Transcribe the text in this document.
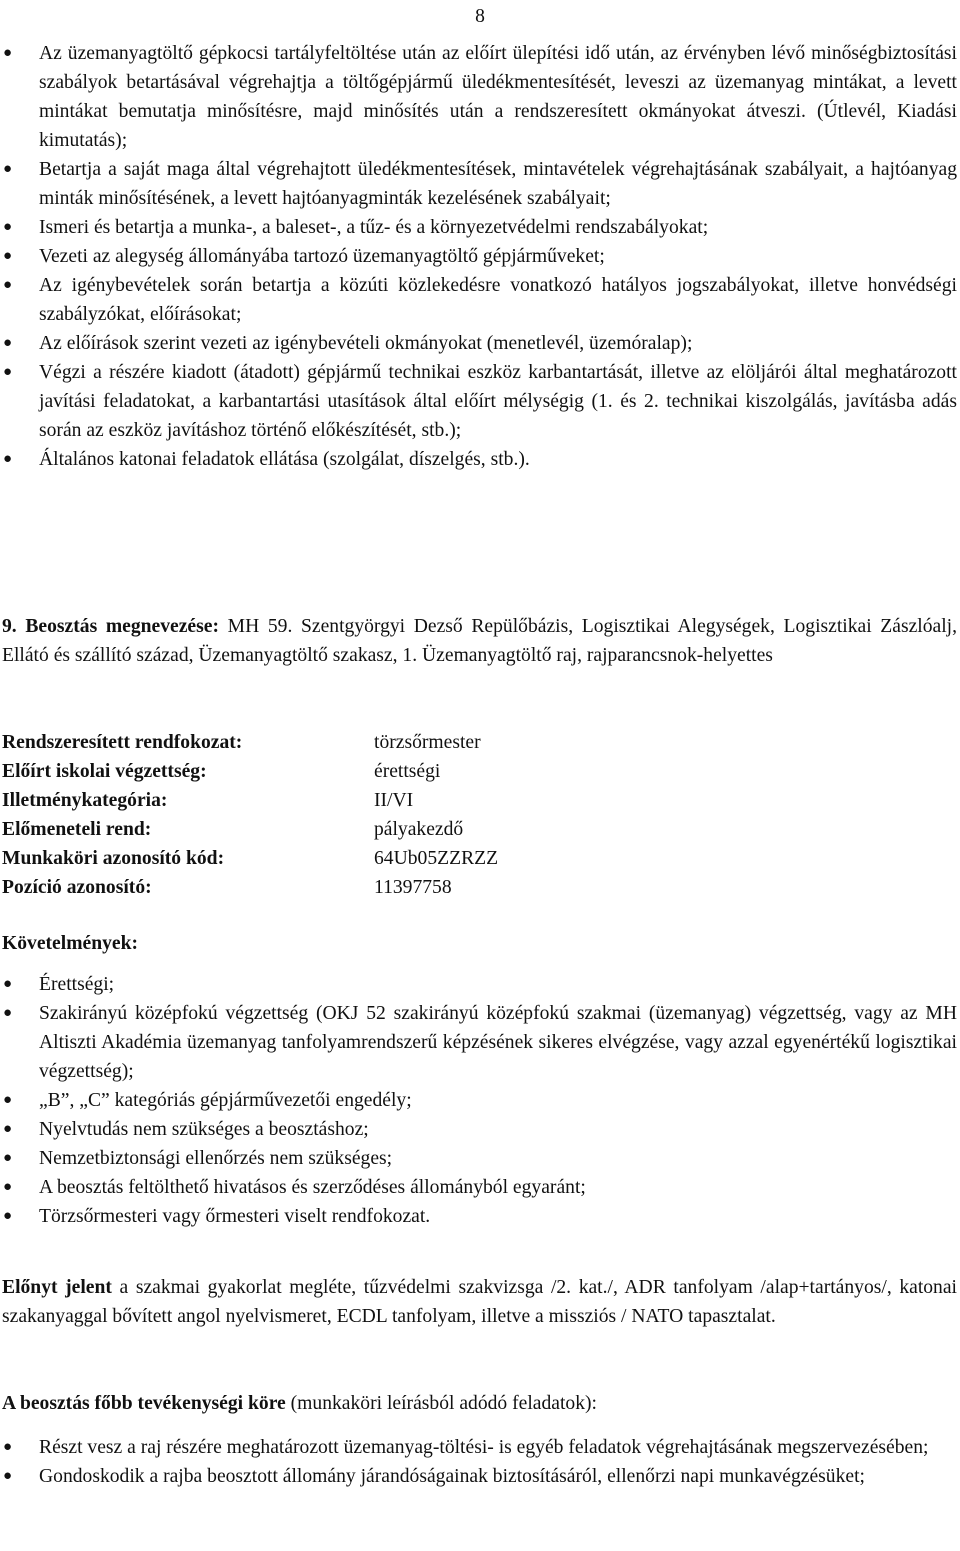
8
● Az üzemanyagtöltő gépkocsi tartályfeltöltése után az előírt ülepítési idő után, az érvényben lévő minőségbiztosítási szabályok betartásával végrehajtja a töltőgépjármű üledékmentesítését, leveszi az üzemanyag mintákat, a levett mintákat bemutatja minősítésre, majd minősítés után a rendszeresített okmányokat átveszi. (Útlevél, Kiadási kimutatás);
● Betartja a saját maga által végrehajtott üledékmentesítések, mintavételek végrehajtásának szabályait, a hajtóanyag minták minősítésének, a levett hajtóanyagminták kezelésének szabályait;
● Ismeri és betartja a munka-, a baleset-, a tűz- és a környezetvédelmi rendszabályokat;
● Vezeti az alegység állományába tartozó üzemanyagtöltő gépjárműveket;
● Az igénybevételek során betartja a közúti közlekedésre vonatkozó hatályos jogszabályokat, illetve honvédségi szabályzókat, előírásokat;
● Az előírások szerint vezeti az igénybevételi okmányokat (menetlevél, üzemóralap);
● Végzi a részére kiadott (átadott) gépjármű technikai eszköz karbantartását, illetve az elöljárói által meghatározott javítási feladatokat, a karbantartási utasítások által előírt mélységig (1. és 2. technikai kiszolgálás, javításba adás során az eszköz javításhoz történő előkészítését, stb.);
● Általános katonai feladatok ellátása (szolgálat, díszelgés, stb.).

9. Beosztás megnevezése: MH 59. Szentgyörgyi Dezső Repülőbázis, Logisztikai Alegységek, Logisztikai Zászlóalj, Ellátó és szállító század, Üzemanyagtöltő szakasz, 1. Üzemanyagtöltő raj, rajparancsnok-helyettes

Rendszeresített rendfokozat:	törzsőrmester
Előírt iskolai végzettség:	érettségi
Illetménykategória:	II/VI
Előmeneteli rend:	pályakezdő
Munkaköri azonosító kód:	64Ub05ZZRZZ
Pozíció azonosító:	11397758

Követelmények:

● Érettségi;
● Szakirányú középfokú végzettség (OKJ 52 szakirányú középfokú szakmai (üzemanyag) végzettség, vagy az MH Altiszti Akadémia üzemanyag tanfolyamrendszerű képzésének sikeres elvégzése, vagy azzal egyenértékű logisztikai végzettség);
● „B”, „C” kategóriás gépjárművezetői engedély;
● Nyelvtudás nem szükséges a beosztáshoz;
● Nemzetbiztonsági ellenőrzés nem szükséges;
● A beosztás feltölthető hivatásos és szerződéses állományból egyaránt;
● Törzsőrmesteri vagy őrmesteri viselt rendfokozat.

Előnyt jelent a szakmai gyakorlat megléte, tűzvédelmi szakvizsga /2. kat./, ADR tanfolyam /alap+tartányos/, katonai szakanyaggal bővített angol nyelvismeret, ECDL tanfolyam, illetve a missziós / NATO tapasztalat.

A beosztás főbb tevékenységi köre (munkaköri leírásból adódó feladatok):

● Részt vesz a raj részére meghatározott üzemanyag-töltési- is egyéb feladatok végrehajtásának megszervezésében;
● Gondoskodik a rajba beosztott állomány járandóságainak biztosításáról, ellenőrzi napi munkavégzésüket;
